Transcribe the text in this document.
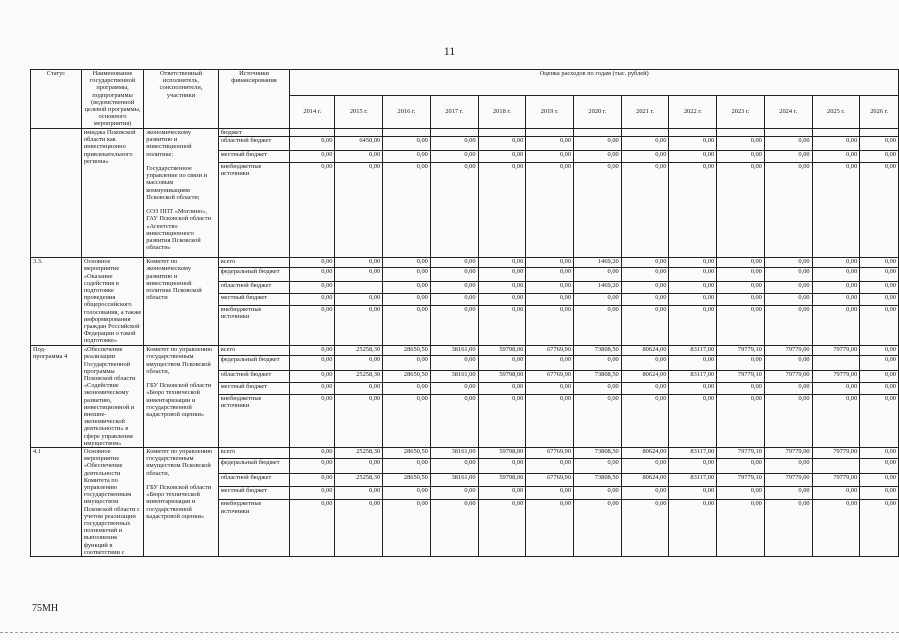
11
Статус	Наименование государственной программы, подпрограммы (ведомственной целевой программы, основного мероприятия)	Ответственный исполнитель, соисполнители, участники	Источники финансирования	Оценка расходов по годам (тыс. рублей)												
				2014 г.	2015 г.	2016 г.	2017 г.	2018 г.	2019 г.	2020 г.	2021 г.	2022 г.	2023 г.	2024 г.	2025 г.	2026 г.
	имиджа Псковской области как инвестиционно привлекательного региона»	экономическому развитию и инвестиционной политике;

Государственное управление по связи и массовым коммуникациям Псковской области;

ОЭЗ ППТ «Моглино», ГАУ Псковской области «Агентство инвестиционного развития Псковской области»	бюджет													
			областной бюджет	0,00	6450,00	0,00	0,00	0,00	0,00	0,00	0,00	0,00	0,00	0,00	0,00	0,00
			местный бюджет	0,00	0,00	0,00	0,00	0,00	0,00	0,00	0,00	0,00	0,00	0,00	0,00	0,00
			внебюджетные источники	0,00	0,00	0,00	0,00	0,00	0,00	0,00	0,00	0,00	0,00	0,00	0,00	0,00
3.3.	Основное мероприятие «Оказание содействия в подготовке проведения общероссийского голосования, а также информирования граждан Российской Федерации о такой подготовке»	Комитет по экономическому развитию и инвестиционной политике Псковской области	всего	0,00	0,00	0,00	0,00	0,00	0,00	1469,20	0,00	0,00	0,00	0,00	0,00	0,00
			федеральный бюджет	0,00	0,00	0,00	0,00	0,00	0,00	0,00	0,00	0,00	0,00	0,00	0,00	0,00
			областной бюджет	0,00		0,00	0,00	0,00	0,00	1469,20	0,00	0,00	0,00	0,00	0,00	0,00
			местный бюджет	0,00	0,00	0,00	0,00	0,00	0,00	0,00	0,00	0,00	0,00	0,00	0,00	0,00
			внебюджетные источники	0,00	0,00	0,00	0,00	0,00	0,00	0,00	0,00	0,00	0,00	0,00	0,00	0,00
Под-
программа 4	«Обеспечение реализации Государственной программы Псковской области «Содействие экономическому развитию, инвестиционной и внешне-экономической деятельности» в сфере управления имуществом»	Комитет по управлению государственным имуществом Псковской области,

ГБУ Псковской области «Бюро технической инвентаризации и государственной кадастровой оценки»	всего	0,00	25258,30	28650,50	38161,00	59798,00	67769,90	73808,50	80624,00	83117,00	79779,10	79779,00	79779,00	0,00
			федеральный бюджет	0,00	0,00	0,00	0,00	0,00	0,00	0,00	0,00	0,00	0,00	0,00		0,00
			областной бюджет	0,00	25258,30	28650,50	38161,00	59798,00	67769,90	73808,50	80624,00	83117,00	79779,10	79779,00	79779,00	0,00
			местный бюджет	0,00	0,00	0,00	0,00	0,00	0,00	0,00	0,00	0,00	0,00	0,00	0,00	0,00
			внебюджетные источники	0,00	0,00	0,00	0,00	0,00	0,00	0,00	0,00	0,00	0,00	0,00	0,00	0,00
4.1	Основное мероприятие «Обеспечение деятельности Комитета по управлению государственным имуществом Псковской области с учетом реализации государственных полномочий и выполнения функций в соответствии с	Комитет по управлению государственным имуществом Псковской области,

ГБУ Псковской области «Бюро технической инвентаризации и государственной кадастровой оценки»	всего	0,00	25258,30	28650,50	38161,00	59798,00	67769,90	73808,50	80624,00	83117,00	79779,10	79779,00	79779,00	0,00
			федеральный бюджет	0,00	0,00	0,00	0,00	0,00	0,00	0,00	0,00	0,00	0,00	0,00		0,00
			областной бюджет	0,00	25258,30	28650,50	38161,00	59798,00	67769,90	73808,50	80624,00	83117,00	79779,10	79779,00	79779,00	0,00
			местный бюджет	0,00	0,00	0,00	0,00	0,00	0,00	0,00	0,00	0,00	0,00	0,00	0,00	0,00
			внебюджетные источники	0,00	0,00	0,00	0,00	0,00	0,00	0,00	0,00	0,00	0,00	0,00	0,00	0,00
75МН
